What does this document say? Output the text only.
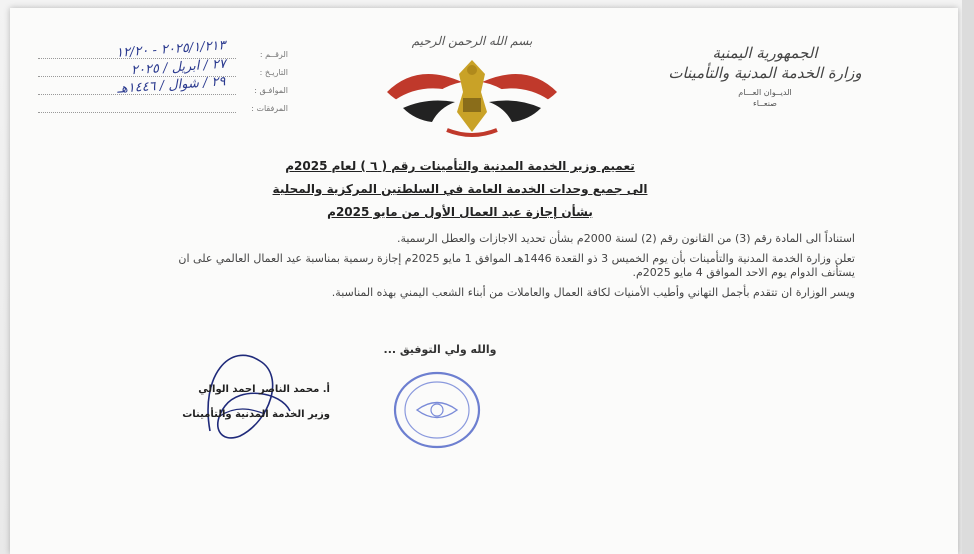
الرقــم :
٢٠٢٥/١/٢١٣ - ١٢/٢٠
التاريـخ :
٢٧ / ابريل / ٢٠٢٥
الموافـق :
٢٩ / شوال / ١٤٤٦هـ
المرفقات :
بسم الله الرحمن الرحيم
الجمهورية اليمنية
وزارة الخدمة المدنية والتأمينات
الديــوان العـــام
صنعــاء
تعميم وزير الخدمة المدنية والتأمينات رقم ( ٦ ) لعام 2025م
الى جميع وحدات الخدمة العامة في السلطتين المركزية والمحلية
بشأن إجازة عيد العمال الأول من مايو 2025م

استناداً الى المادة رقم (3) من القانون رقم (2) لسنة 2000م بشأن تحديد الاجازات والعطل الرسمية.

تعلن وزارة الخدمة المدنية والتأمينات بأن يوم الخميس 3 ذو القعدة 1446هـ الموافق 1 مايو 2025م إجازة رسمية بمناسبة عيد العمال العالمي على ان يستأنف الدوام يوم الاحد الموافق 4 مايو 2025م.

ويسر الوزارة ان تتقدم بأجمل التهاني وأطيب الأمنيات لكافة العمال والعاملات من أبناء الشعب اليمني بهذه المناسبة.

والله ولي التوفيق ...
أ. محمد الناصر احمد الوالي
وزير الخدمة المدنية والتأمينات
